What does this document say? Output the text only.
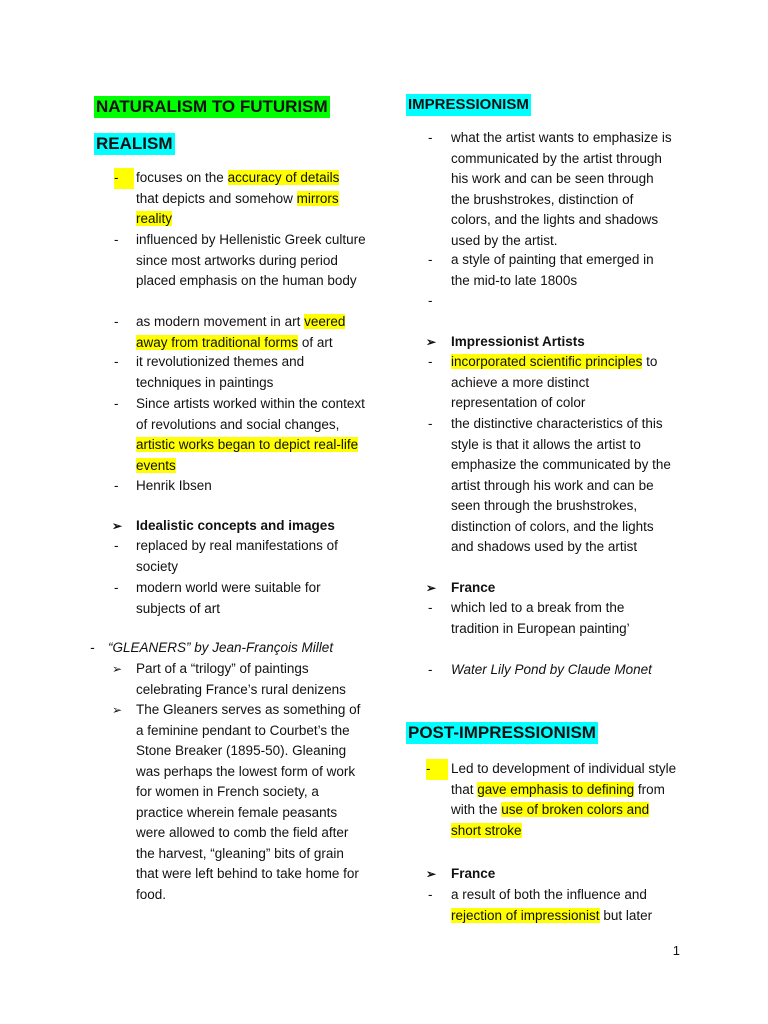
NATURALISM TO FUTURISM
REALISM
-	focuses on the accuracy of details
that depicts and somehow mirrors reality
-	influenced by Hellenistic Greek culture since most artworks during period placed emphasis on the human body
-	as modern movement in art veered away from traditional forms of art
-	it revolutionized themes and techniques in paintings
-	Since artists worked within the context of revolutions and social changes, artistic works began to depict real-life events
-	Henrik Ibsen
➢ Idealistic concepts and images
-	replaced by real manifestations of society
-	modern world were suitable for subjects of art
-	“GLEANERS” by Jean-François Millet
➢ Part of a “trilogy” of paintings celebrating France’s rural denizens
➢ The Gleaners serves as something of a feminine pendant to Courbet’s the Stone Breaker (1895-50). Gleaning was perhaps the lowest form of work for women in French society, a practice wherein female peasants were allowed to comb the field after the harvest, “gleaning” bits of grain that were left behind to take home for food.
IMPRESSIONISM
-	what the artist wants to emphasize is communicated by the artist through his work and can be seen through the brushstrokes, distinction of colors, and the lights and shadows used by the artist.
-	a style of painting that emerged in the mid-to late 1800s
-
➢ Impressionist Artists
-	incorporated scientific principles to achieve a more distinct representation of color
-	the distinctive characteristics of this style is that it allows the artist to emphasize the communicated by the artist through his work and can be seen through the brushstrokes, distinction of colors, and the lights and shadows used by the artist
➢ France
-	which led to a break from the tradition in European painting’
-	Water Lily Pond by Claude Monet
POST-IMPRESSIONISM
-	Led to development of individual style that gave emphasis to defining from with the use of broken colors and short stroke
➢ France
-	a result of both the influence and rejection of impressionist but later
1
